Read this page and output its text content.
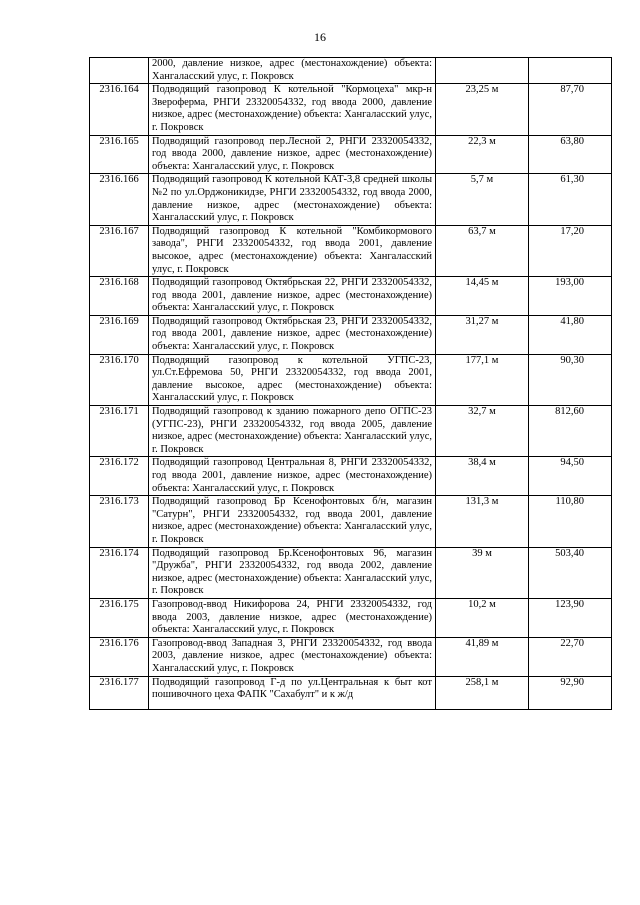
16
	2000, давление низкое, адрес (местонахождение) объекта: Хангаласский улус, г. Покровск		
2316.164	Подводящий газопровод К котельной "Кормоцеха" мкр-н Звероферма, РНГИ 23320054332, год ввода 2000, давление низкое, адрес (местонахождение) объекта: Хангаласский улус, г. Покровск	23,25 м	87,70
2316.165	Подводящий газопровод пер.Лесной 2, РНГИ 23320054332, год ввода 2000, давление низкое, адрес (местонахождение) объекта: Хангаласский улус, г. Покровск	22,3 м	63,80
2316.166	Подводящий газопровод К котельной КАТ-3,8 средней школы №2 по ул.Орджоникидзе, РНГИ 23320054332, год ввода 2000, давление низкое, адрес (местонахождение) объекта: Хангаласский улус, г. Покровск	5,7 м	61,30
2316.167	Подводящий газопровод К котельной "Комбикормового завода", РНГИ 23320054332, год ввода 2001, давление высокое, адрес (местонахождение) объекта: Хангаласский улус, г. Покровск	63,7 м	17,20
2316.168	Подводящий газопровод Октябрьская 22, РНГИ 23320054332, год ввода 2001, давление низкое, адрес (местонахождение) объекта: Хангаласский улус, г. Покровск	14,45 м	193,00
2316.169	Подводящий газопровод Октябрьская 23, РНГИ 23320054332, год ввода 2001, давление низкое, адрес (местонахождение) объекта: Хангаласский улус, г. Покровск	31,27 м	41,80
2316.170	Подводящий газопровод к котельной УГПС-23, ул.Ст.Ефремова 50, РНГИ 23320054332, год ввода 2001, давление высокое, адрес (местонахождение) объекта: Хангаласский улус, г. Покровск	177,1 м	90,30
2316.171	Подводящий газопровод к зданию пожарного депо ОГПС-23 (УГПС-23), РНГИ 23320054332, год ввода 2005, давление низкое, адрес (местонахождение) объекта: Хангаласский улус, г. Покровск	32,7 м	812,60
2316.172	Подводящий газопровод Центральная 8, РНГИ 23320054332, год ввода 2001, давление низкое, адрес (местонахождение) объекта: Хангаласский улус, г. Покровск	38,4 м	94,50
2316.173	Подводящий газопровод Бр Ксенофонтовых б/н, магазин "Сатурн", РНГИ 23320054332, год ввода 2001, давление низкое, адрес (местонахождение) объекта: Хангаласский улус, г. Покровск	131,3 м	110,80
2316.174	Подводящий газопровод Бр.Ксенофонтовых 96, магазин "Дружба", РНГИ 23320054332, год ввода 2002, давление низкое, адрес (местонахождение) объекта: Хангаласский улус, г. Покровск	39 м	503,40
2316.175	Газопровод-ввод Никифорова 24, РНГИ 23320054332, год ввода 2003, давление низкое, адрес (местонахождение) объекта: Хангаласский улус, г. Покровск	10,2 м	123,90
2316.176	Газопровод-ввод Западная 3, РНГИ 23320054332, год ввода 2003, давление низкое, адрес (местонахождение) объекта: Хангаласский улус, г. Покровск	41,89 м	22,70
2316.177	Подводящий газопровод Г-д по ул.Центральная к быт кот пошивочного цеха ФАПК "Сахабулт" и к ж/д	258,1 м	92,90
